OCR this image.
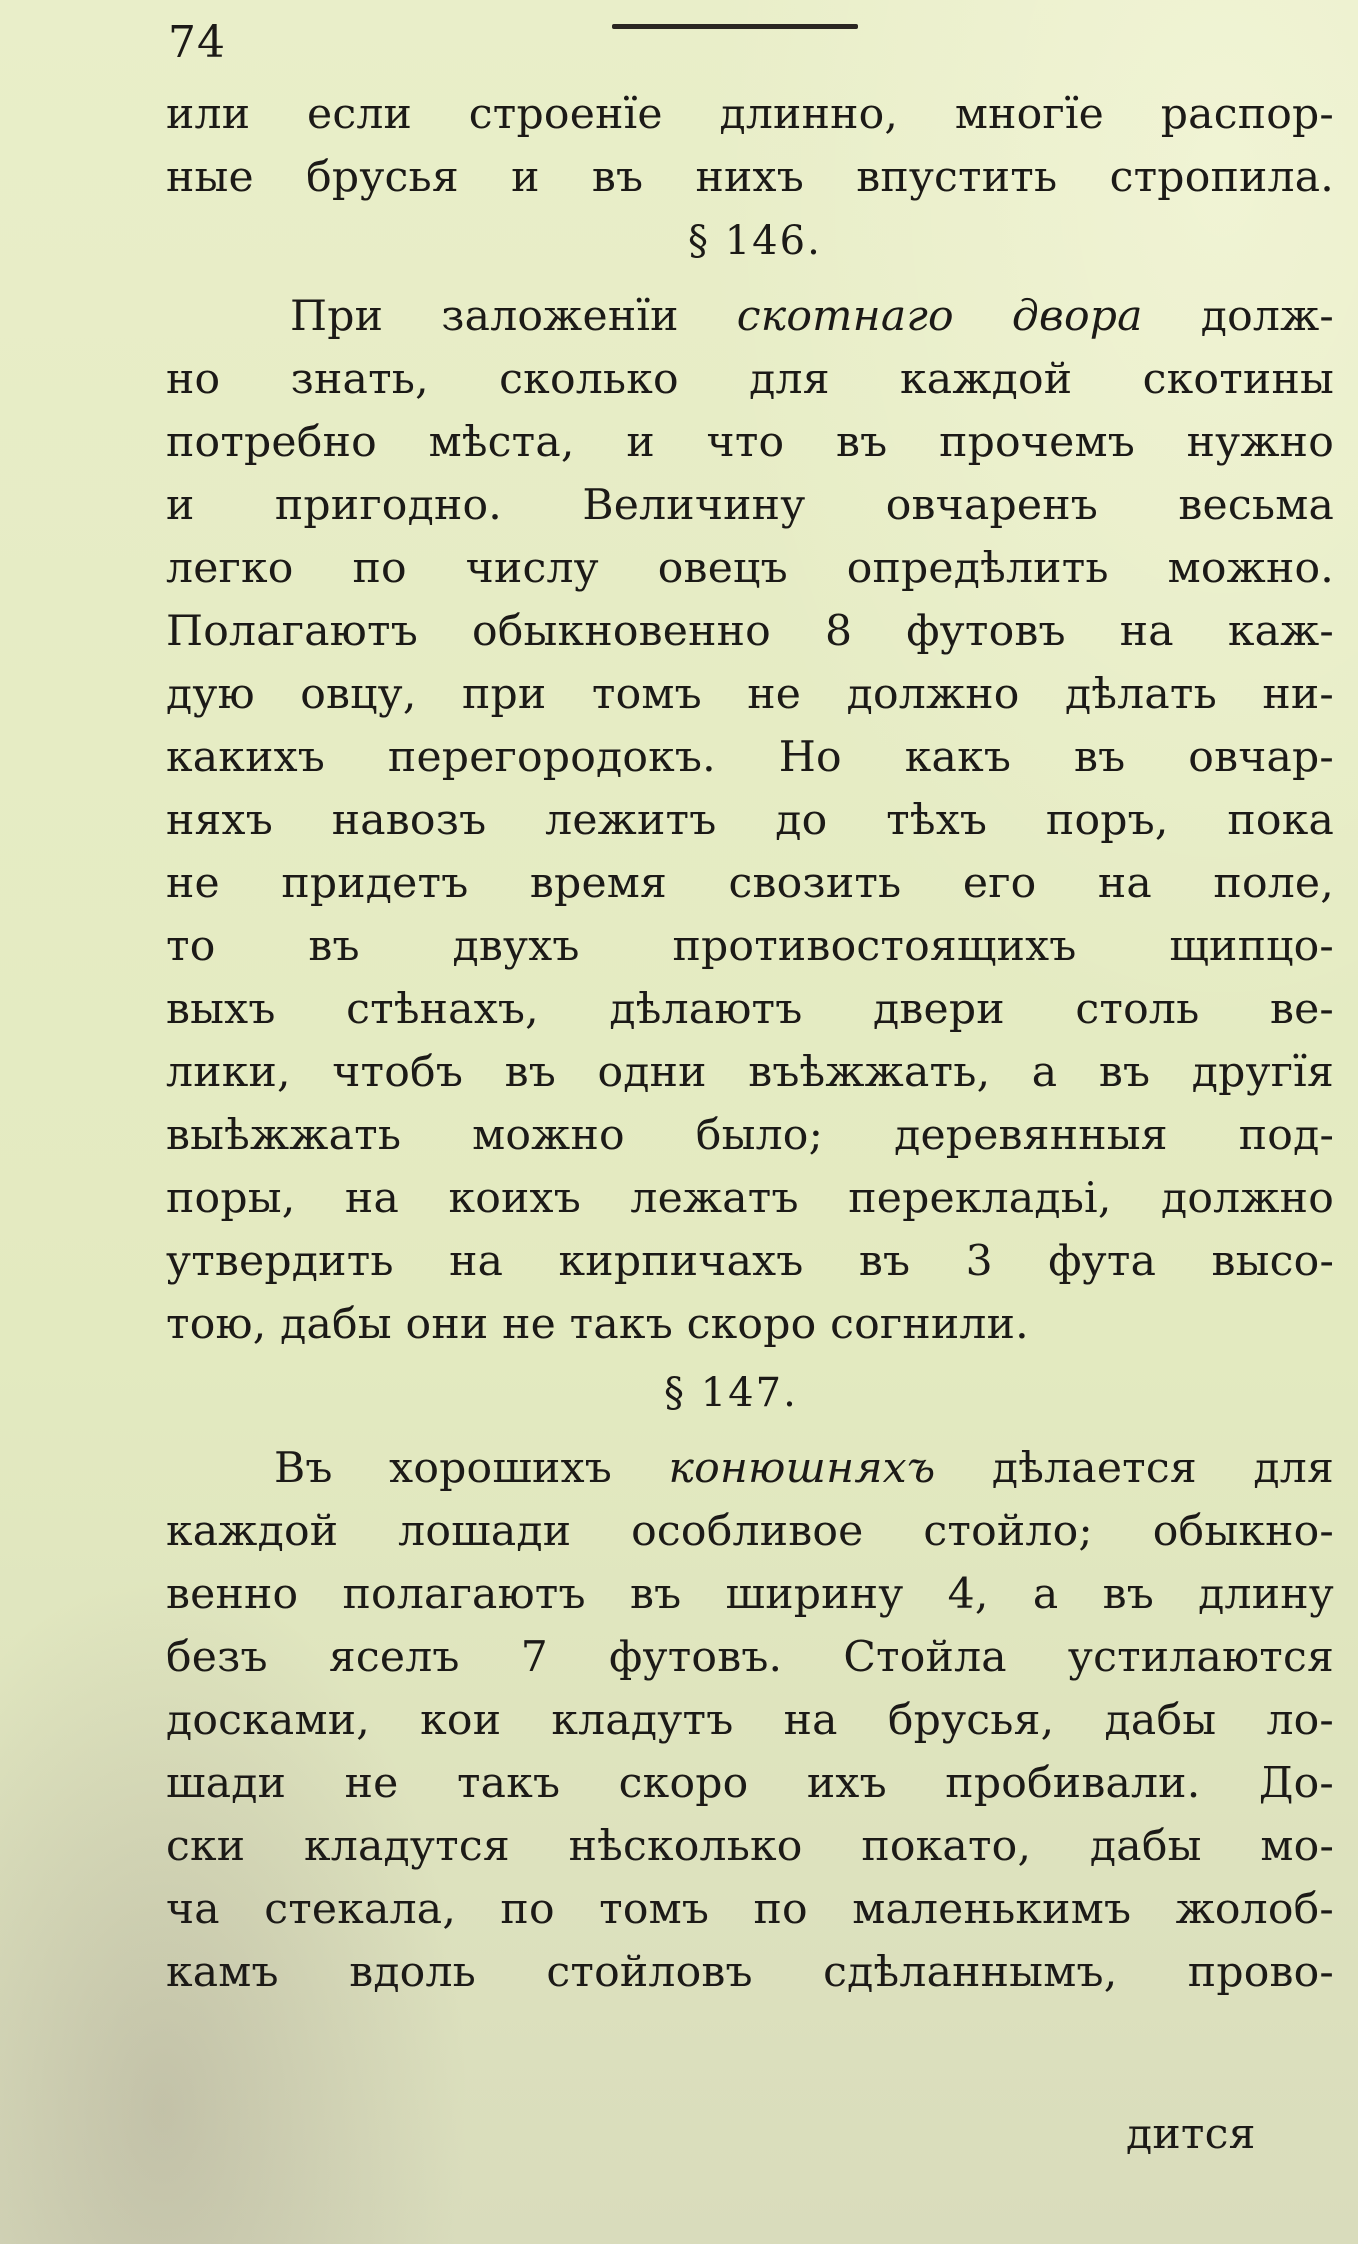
74
или если строенїе длинно, многїе распор-
ные брусья и въ нихъ впустить стропила.
§ 146.
При заложенїи скотнаго двора долж-
но знать, сколько для каждой скотины
потребно мѣста, и что въ прочемъ нужно
и пригодно. Величину овчаренъ весьма
легко по числу овецъ опредѣлить можно.
Полагаютъ обыкновенно 8 футовъ на каж-
дую овцу, при томъ не должно дѣлать ни-
какихъ перегородокъ. Но какъ въ овчар-
няхъ навозъ лежитъ до тѣхъ поръ, пока
не придетъ время свозить его на поле,
то въ двухъ противостоящихъ щипцо-
выхъ стѣнахъ, дѣлаютъ двери столь ве-
лики, чтобъ въ одни въѣжжать, а въ другїя
выѣжжать можно было; деревянныя под-
поры, на коихъ лежатъ перекладьi, должно
утвердить на кирпичахъ въ 3 фута высо-
тою, дабы они не такъ скоро согнили.
§ 147.
Въ хорошихъ конюшняхъ дѣлается для
каждой лошади особливое стойло; обыкно-
венно полагаютъ въ ширину 4, а въ длину
безъ яселъ 7 футовъ. Стойла устилаются
досками, кои кладутъ на брусья, дабы ло-
шади не такъ скоро ихъ пробивали. До-
ски кладутся нѣсколько покато, дабы мо-
ча стекала, по томъ по маленькимъ жолоб-
камъ вдоль стойловъ сдѣланнымъ, прово-
дится
